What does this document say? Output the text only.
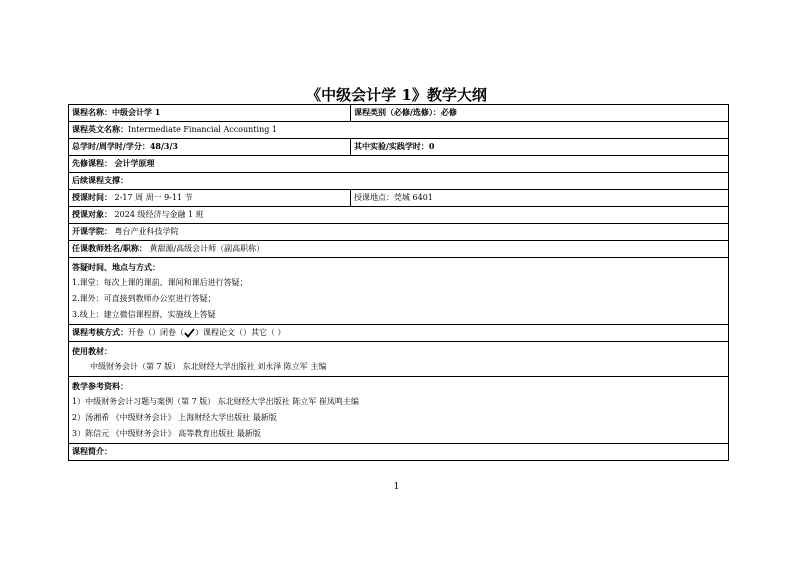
《中级会计学 1》教学大纲
课程名称：中级会计学 1	课程类别（必修/选修）：必修
课程英文名称：Intermediate Financial Accounting 1	
总学时/周学时/学分：48/3/3	其中实验/实践学时：0
先修课程： 会计学原理	
后续课程支撑：	
授课时间： 2-17 周 周一 9-11 节	授课地点：莞城 6401
授课对象： 2024 级经济与金融 1 班	
开课学院： 粤台产业科技学院	
任课教师姓名/职称： 黄甜源/高级会计师（副高职称）	

答疑时间、地点与方式：
1.课堂：每次上课的课前、课间和课后进行答疑；
2.课外：可直接到教师办公室进行答疑；
3.线上：建立微信课程群，实施线上答疑	

课程考核方式：开卷（）闭卷（ ）课程论文（）其它（ ）	

使用教材：
中级财务会计（第 7 版） 东北财经大学出版社 刘永泽 陈立军 主编	

教学参考资料：
1）中级财务会计习题与案例（第 7 版） 东北财经大学出版社 陈立军 崔凤鸣主编
2）汤湘希 《中级财务会计》 上海财经大学出版社 最新版
3）陈信元 《中级财务会计》 高等教育出版社 最新版	

课程简介：	
1
